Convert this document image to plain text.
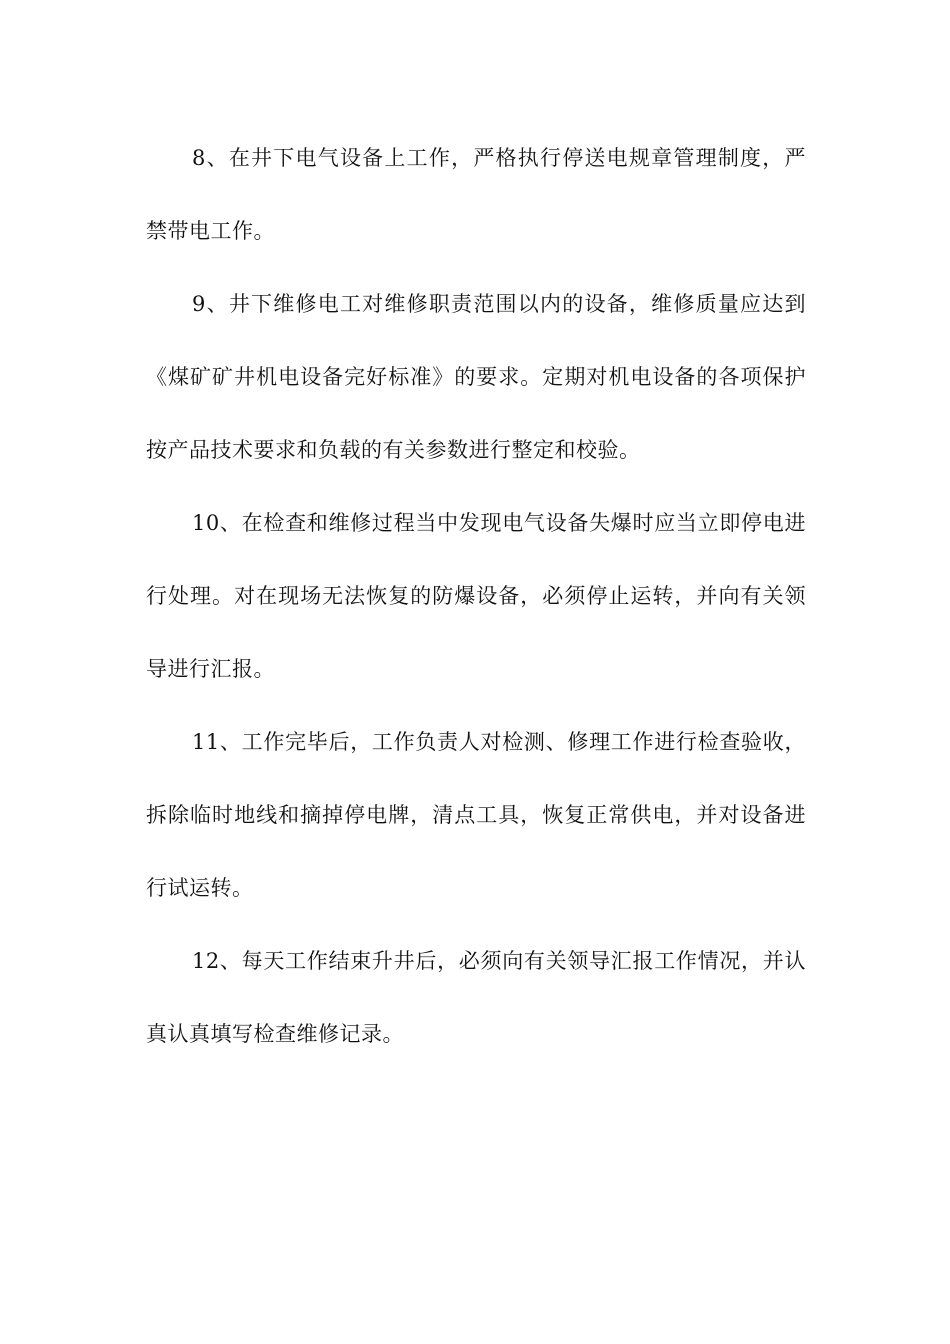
8、在井下电气设备上工作，严格执行停送电规章管理制度，严禁带电工作。

9、井下维修电工对维修职责范围以内的设备，维修质量应达到《煤矿矿井机电设备完好标准》的要求。定期对机电设备的各项保护按产品技术要求和负载的有关参数进行整定和校验。

10、在检查和维修过程当中发现电气设备失爆时应当立即停电进行处理。对在现场无法恢复的防爆设备，必须停止运转，并向有关领导进行汇报。

11、工作完毕后，工作负责人对检测、修理工作进行检查验收，拆除临时地线和摘掉停电牌，清点工具，恢复正常供电，并对设备进行试运转。

12、每天工作结束升井后，必须向有关领导汇报工作情况，并认真认真填写检查维修记录。
